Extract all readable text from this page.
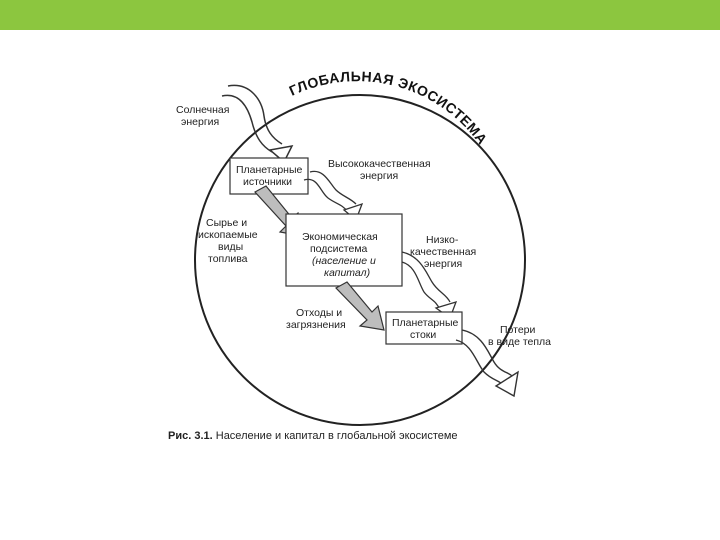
ГЛОБАЛЬНАЯ ЭКОСИСТЕМА
Солнечная энергия
Планетарные источники
Высококачественная энергия
Сырье и ископаемые виды топлива
Экономическая подсистема
(население и капитал)
Низко- качественная энергия
Отходы и загрязнения	Планетарные стоки	Потери в виде тепла
Рис. 3.1. Население и капитал в глобальной экосистеме
